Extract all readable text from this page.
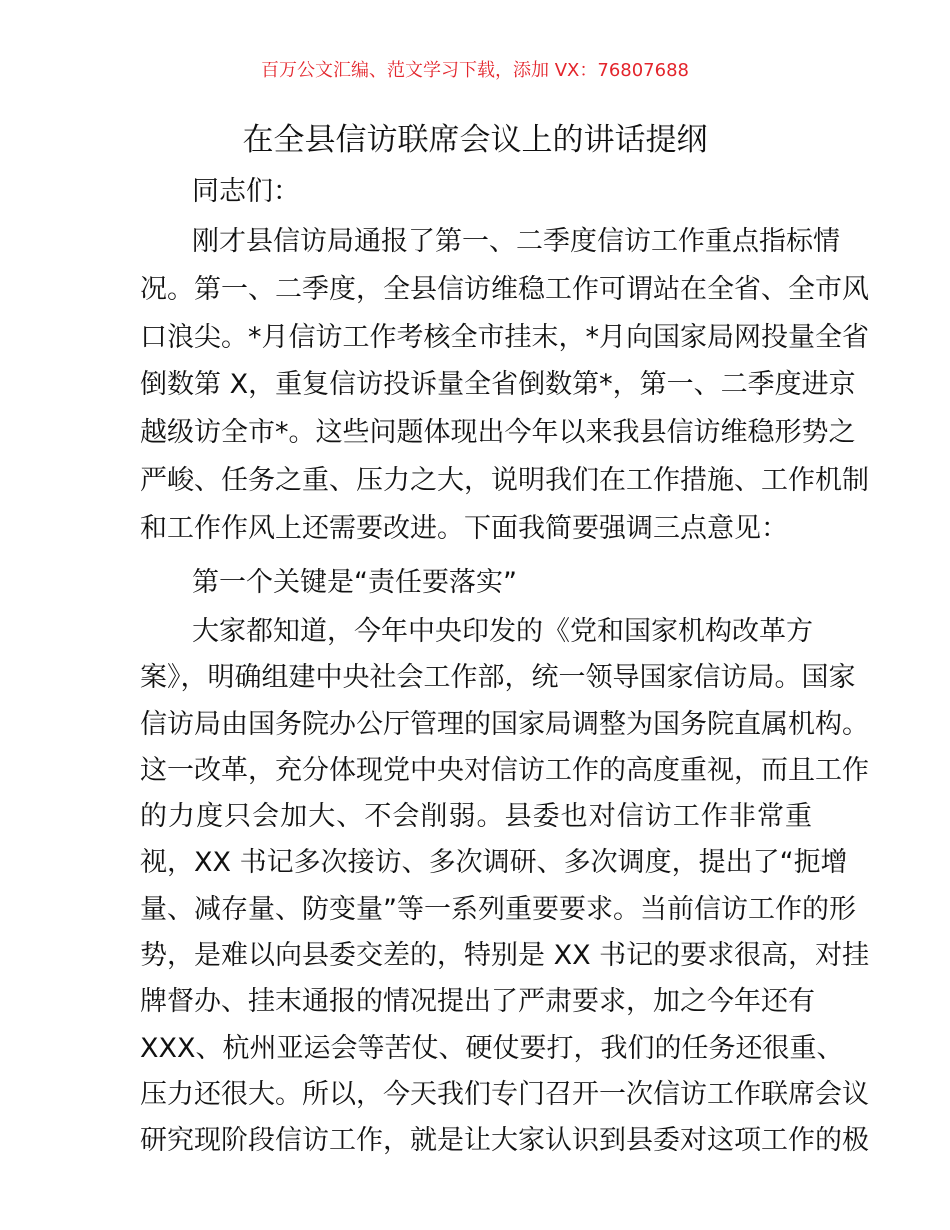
百万公文汇编、范文学习下载，添加 VX：76807688
在全县信访联席会议上的讲话提纲
同志们：
刚才县信访局通报了第一、二季度信访工作重点指标情
况。第一、二季度，全县信访维稳工作可谓站在全省、全市风
口浪尖。*月信访工作考核全市挂末，*月向国家局网投量全省
倒数第 X，重复信访投诉量全省倒数第*，第一、二季度进京
越级访全市*。这些问题体现出今年以来我县信访维稳形势之
严峻、任务之重、压力之大，说明我们在工作措施、工作机制
和工作作风上还需要改进。下面我简要强调三点意见：
第一个关键是“责任要落实”
大家都知道，今年中央印发的《党和国家机构改革方
案》，明确组建中央社会工作部，统一领导国家信访局。国家
信访局由国务院办公厅管理的国家局调整为国务院直属机构。
这一改革，充分体现党中央对信访工作的高度重视，而且工作
的力度只会加大、不会削弱。县委也对信访工作非常重
视，XX 书记多次接访、多次调研、多次调度，提出了“扼增
量、减存量、防变量”等一系列重要要求。当前信访工作的形
势，是难以向县委交差的，特别是 XX 书记的要求很高，对挂
牌督办、挂末通报的情况提出了严肃要求，加之今年还有
XXX、杭州亚运会等苦仗、硬仗要打，我们的任务还很重、
压力还很大。所以，今天我们专门召开一次信访工作联席会议
研究现阶段信访工作，就是让大家认识到县委对这项工作的极
